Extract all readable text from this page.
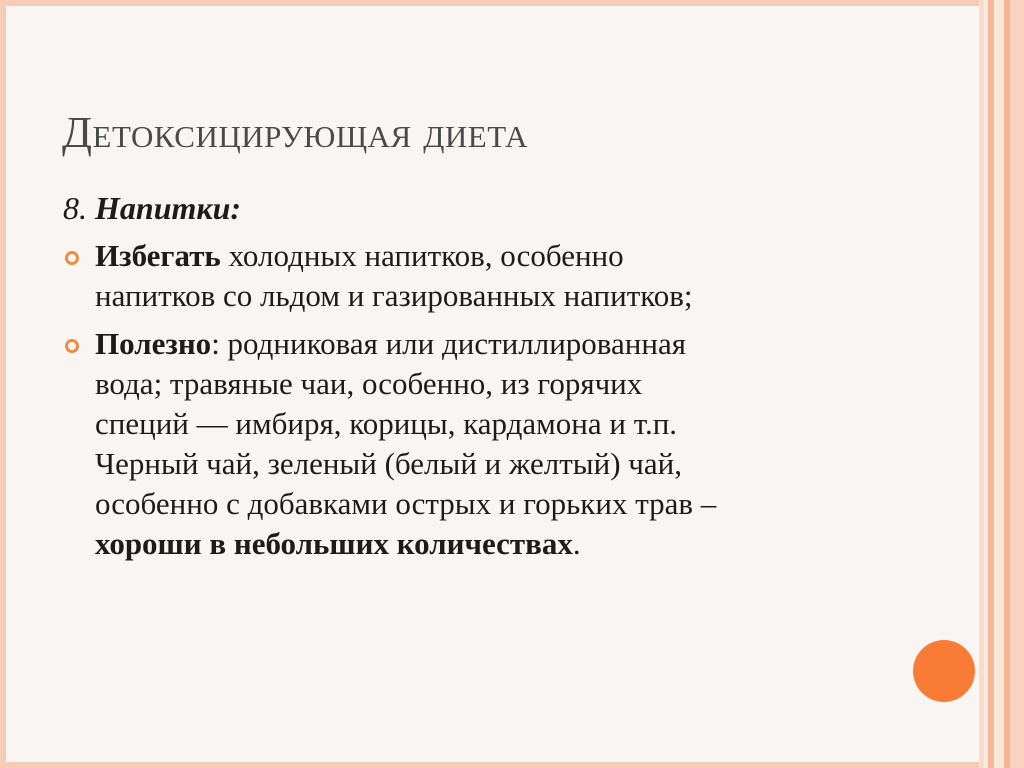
Детоксицирующая диета
8. Напитки:
Избегать холодных напитков, особенно
напитков со льдом и газированных напитков;
Полезно: родниковая или дистиллированная
вода; травяные чаи, особенно, из горячих
специй — имбиря, корицы, кардамона и т.п.
Черный чай, зеленый (белый и желтый) чай,
особенно с добавками острых и горьких трав –
хороши в небольших количествах.
